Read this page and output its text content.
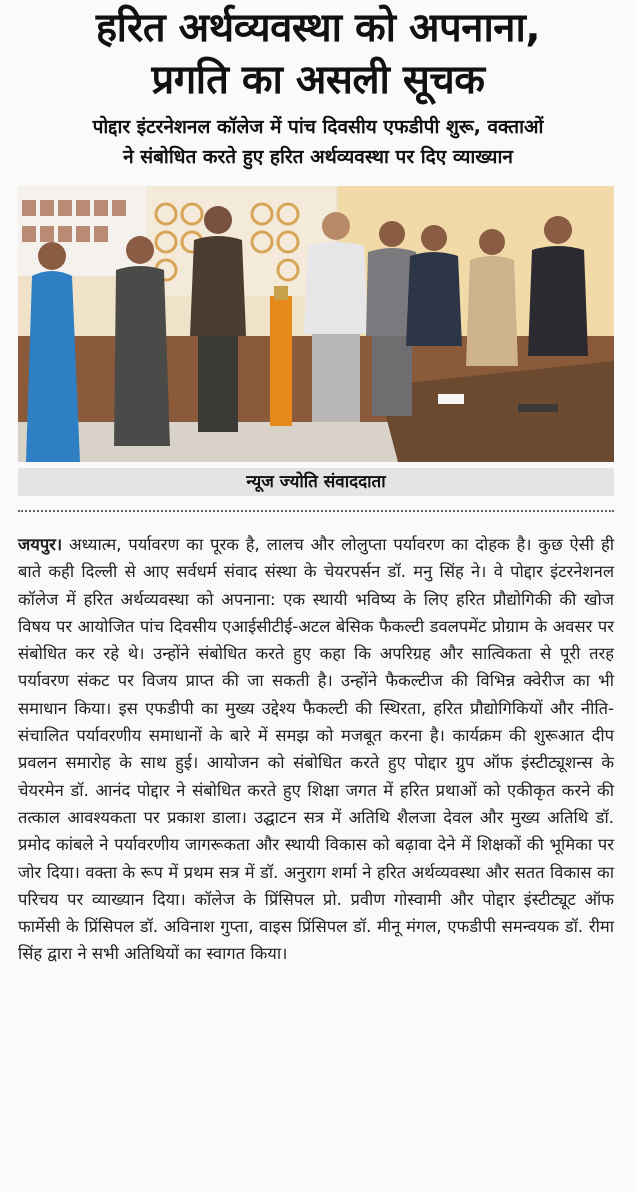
हरित अर्थव्यवस्था को अपनाना,
प्रगति का असली सूचक
पोद्दार इंटरनेशनल कॉलेज में पांच दिवसीय एफडीपी शुरू, वक्ताओं
ने संबोधित करते हुए हरित अर्थव्यवस्था पर दिए व्याख्यान
न्यूज ज्योति संवाददाता
जयपुर। अध्यात्म, पर्यावरण का पूरक है, लालच और लोलुप्ता पर्यावरण का दोहक है। कुछ ऐसी ही बाते कही दिल्ली से आए सर्वधर्म संवाद संस्था के चेयरपर्सन डॉ. मनु सिंह ने। वे पोद्दार इंटरनेशनल कॉलेज में हरित अर्थव्यवस्था को अपनाना: एक स्थायी भविष्य के लिए हरित प्रौद्योगिकी की खोज विषय पर आयोजित पांच दिवसीय एआईसीटीई-अटल बेसिक फैकल्टी डवलपमेंट प्रोग्राम के अवसर पर संबोधित कर रहे थे। उन्होंने संबोधित करते हुए कहा कि अपरिग्रह और सात्विकता से पूरी तरह पर्यावरण संकट पर विजय प्राप्त की जा सकती है। उन्होंने फैकल्टीज की विभिन्न क्वेरीज का भी समाधान किया। इस एफडीपी का मुख्य उद्देश्य फैकल्टी की स्थिरता, हरित प्रौद्योगिकियों और नीति-संचालित पर्यावरणीय समाधानों के बारे में समझ को मजबूत करना है। कार्यक्रम की शुरूआत दीप प्रवलन समारोह के साथ हुई। आयोजन को संबोधित करते हुए पोद्दार ग्रुप ऑफ इंस्टीट्यूशन्स के चेयरमेन डॉ. आनंद पोद्दार ने संबोधित करते हुए शिक्षा जगत में हरित प्रथाओं को एकीकृत करने की तत्काल आवश्यकता पर प्रकाश डाला। उद्घाटन सत्र में अतिथि शैलजा देवल और मुख्य अतिथि डॉ. प्रमोद कांबले ने पर्यावरणीय जागरूकता और स्थायी विकास को बढ़ावा देने में शिक्षकों की भूमिका पर जोर दिया। वक्ता के रूप में प्रथम सत्र में डॉ. अनुराग शर्मा ने हरित अर्थव्यवस्था और सतत विकास का परिचय पर व्याख्यान दिया। कॉलेज के प्रिंसिपल प्रो. प्रवीण गोस्वामी और पोद्दार इंस्टीट्यूट ऑफ फार्मेसी के प्रिंसिपल डॉ. अविनाश गुप्ता, वाइस प्रिंसिपल डॉ. मीनू मंगल, एफडीपी समन्वयक डॉ. रीमा सिंह द्वारा ने सभी अतिथियों का स्वागत किया।
